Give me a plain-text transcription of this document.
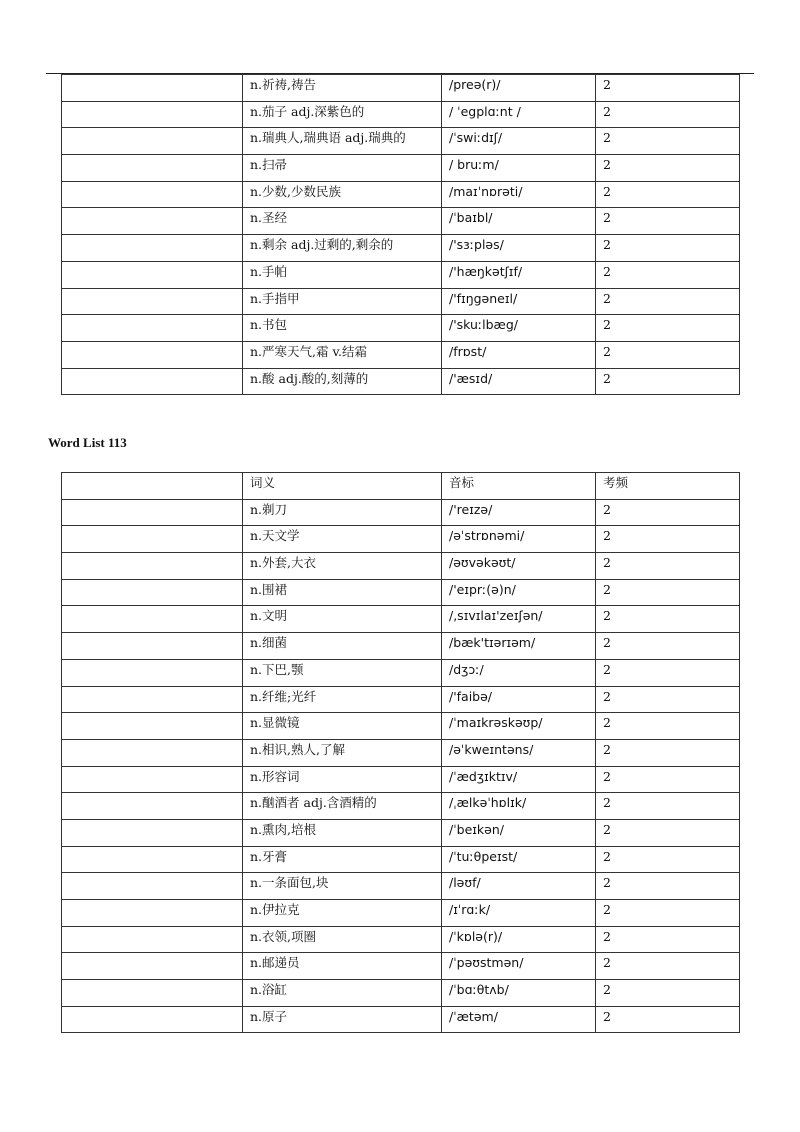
	n.祈祷,祷告	/preə(r)/	2
	n.茄子 adj.深紫色的	/ ˈegplɑːnt /	2
	n.瑞典人,瑞典语 adj.瑞典的	/ˈswiːdɪʃ/	2
	n.扫帚	/ bruːm/	2
	n.少数,少数民族	/maɪˈnɒrəti/	2
	n.圣经	/ˈbaɪbl/	2
	n.剩余 adj.过剩的,剩余的	/'sɜːpləs/	2
	n.手帕	/'hæŋkətʃɪf/	2
	n.手指甲	/'fɪŋgəneɪl/	2
	n.书包	/'skuːlbæg/	2
	n.严寒天气,霜 v.结霜	/frɒst/	2
	n.酸 adj.酸的,刻薄的	/'æsɪd/	2
Word List 113
	词义	音标	考频
	n.剃刀	/'reɪzə/	2
	n.天文学	/əˈstrɒnəmi/	2
	n.外套,大衣	/əʊvəkəʊt/	2
	n.围裙	/'eɪprː(ə)n/	2
	n.文明	/,sɪvɪlaɪ'zeɪʃən/	2
	n.细菌	/bæk'tɪərɪəm/	2
	n.下巴,颚	/dʒɔː/	2
	n.纤维;光纤	/'faibə/	2
	n.显微镜	/ˈmaɪkrəskəʊp/	2
	n.相识,熟人,了解	/əˈkweɪntəns/	2
	n.形容词	/ˈædʒɪktɪv/	2
	n.酗酒者 adj.含酒精的	/ˌælkəˈhɒlɪk/	2
	n.熏肉,培根	/ˈbeɪkən/	2
	n.牙膏	/ˈtuːθpeɪst/	2
	n.一条面包,块	/ləʊf/	2
	n.伊拉克	/ɪˈrɑːk/	2
	n.衣领,项圈	/ˈkɒlə(r)/	2
	n.邮递员	/ˈpəʊstmən/	2
	n.浴缸	/ˈbɑːθtʌb/	2
	n.原子	/ˈætəm/	2
